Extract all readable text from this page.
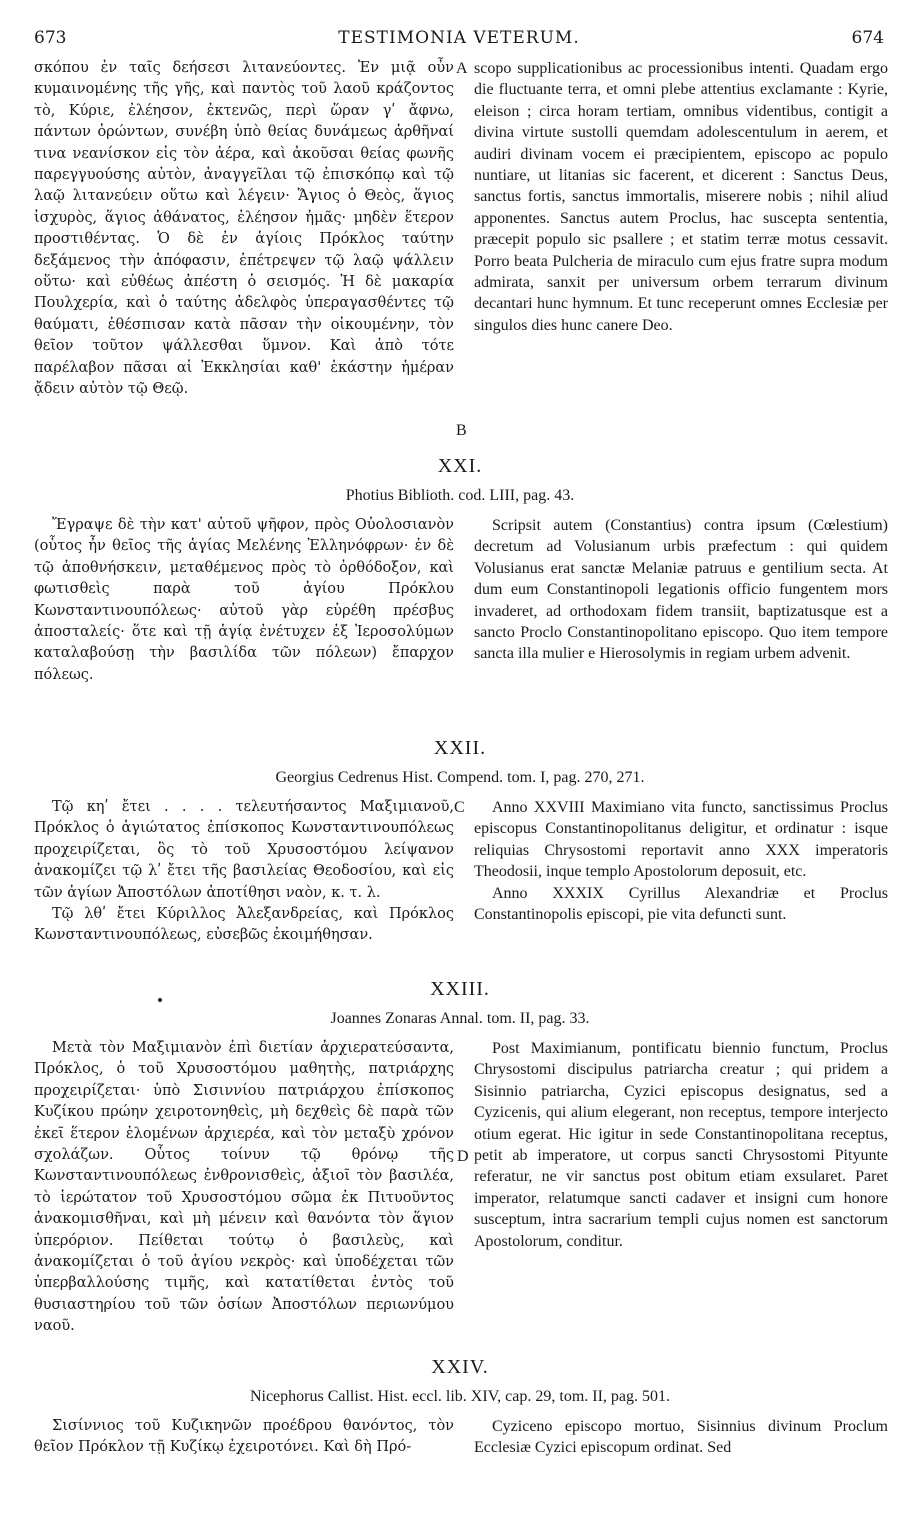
673	TESTIMONIA VETERUM.	674

σκόπου ἐν ταῖς δεήσεσι λιτανεύοντες. Ἐν μιᾷ οὖν κυμαινομένης τῆς γῆς, καὶ παντὸς τοῦ λαοῦ κράζοντος τὸ, Κύριε, ἐλέησον, ἐκτενῶς, περὶ ὥραν γʹ ἄφνω, πάντων ὁρώντων, συνέβη ὑπὸ θείας δυνάμεως ἀρθῆναί τινα νεανίσκον εἰς τὸν ἀέρα, καὶ ἀκοῦσαι θείας φωνῆς παρεγγυούσης αὐτὸν, ἀναγγεῖλαι τῷ ἐπισκόπῳ καὶ τῷ λαῷ λιτανεύειν οὕτω καὶ λέγειν· Ἅγιος ὁ Θεὸς, ἅγιος ἰσχυρὸς, ἅγιος ἀθάνατος, ἐλέησον ἡμᾶς· μηδὲν ἕτερον προστιθέντας. Ὁ δὲ ἐν ἁγίοις Πρόκλος ταύτην δεξάμενος τὴν ἀπόφασιν, ἐπέτρεψεν τῷ λαῷ ψάλλειν οὕτω· καὶ εὐθέως ἀπέστη ὁ σεισμός. Ἡ δὲ μακαρία Πουλχερία, καὶ ὁ ταύτης ἀδελφὸς ὑπεραγασθέντες τῷ θαύματι, ἐθέσπισαν κατὰ πᾶσαν τὴν οἰκουμένην, τὸν θεῖον τοῦτον ψάλλεσθαι ὕμνον. Καὶ ἀπὸ τότε παρέλαβον πᾶσαι αἱ Ἐκκλησίαι καθ' ἑκάστην ἡμέραν ᾄδειν αὐτὸν τῷ Θεῷ.

scopo supplicationibus ac processionibus intenti. Quadam ergo die fluctuante terra, et omni plebe attentius exclamante : Kyrie, eleison ; circa horam tertiam, omnibus videntibus, contigit a divina virtute sustolli quemdam adolescentulum in aerem, et audiri divinam vocem ei præcipientem, episcopo ac populo nuntiare, ut litanias sic facerent, et dicerent : Sanctus Deus, sanctus fortis, sanctus immortalis, miserere nobis ; nihil aliud apponentes. Sanctus autem Proclus, hac suscepta sententia, præcepit populo sic psallere ; et statim terræ motus cessavit. Porro beata Pulcheria de miraculo cum ejus fratre supra modum admirata, sanxit per universum orbem terrarum divinum decantari hunc hymnum. Et tunc receperunt omnes Ecclesiæ per singulos dies hunc canere Deo.

A
B
XXI.
Photius Biblioth. cod. LIII, pag. 43.

Ἔγραψε δὲ τὴν κατ' αὐτοῦ ψῆφον, πρὸς Οὐολοσιανὸν (οὗτος ἦν θεῖος τῆς ἁγίας Μελένης Ἑλληνόφρων· ἐν δὲ τῷ ἀποθνήσκειν, μεταθέμενος πρὸς τὸ ὀρθόδοξον, καὶ φωτισθεὶς παρὰ τοῦ ἁγίου Πρόκλου Κωνσταντινουπόλεως· αὐτοῦ γὰρ εὑρέθη πρέσβυς ἀποσταλείς· ὅτε καὶ τῇ ἁγίᾳ ἐνέτυχεν ἐξ Ἱεροσολύμων καταλαβούσῃ τὴν βασιλίδα τῶν πόλεων) ἔπαρχον πόλεως.

Scripsit autem (Constantius) contra ipsum (Cœlestium) decretum ad Volusianum urbis præfectum : qui quidem Volusianus erat sanctæ Melaniæ patruus e gentilium secta. At dum eum Constantinopoli legationis officio fungentem mors invaderet, ad orthodoxam fidem transiit, baptizatusque est a sancto Proclo Constantinopolitano episcopo. Quo item tempore sancta illa mulier e Hierosolymis in regiam urbem advenit.

XXII.
Georgius Cedrenus Hist. Compend. tom. I, pag. 270, 271.

Τῷ κηʹ ἔτει . . . . τελευτήσαντος Μαξιμιανοῦ, Πρόκλος ὁ ἁγιώτατος ἐπίσκοπος Κωνσταντινουπόλεως προχειρίζεται, ὃς τὸ τοῦ Χρυσοστόμου λείψανον ἀνακομίζει τῷ λʹ ἔτει τῆς βασιλείας Θεοδοσίου, καὶ εἰς τῶν ἁγίων Ἀποστόλων ἀποτίθησι ναὸν, κ. τ. λ.

Τῷ λθʹ ἔτει Κύριλλος Ἀλεξανδρείας, καὶ Πρόκλος Κωνσταντινουπόλεως, εὐσεβῶς ἐκοιμήθησαν.

Anno XXVIII Maximiano vita functo, sanctissimus Proclus episcopus Constantinopolitanus deligitur, et ordinatur : isque reliquias Chrysostomi reportavit anno XXX imperatoris Theodosii, inque templo Apostolorum deposuit, etc.

Anno XXXIX Cyrillus Alexandriæ et Proclus Constantinopolis episcopi, pie vita defuncti sunt.

C
XXIII.
Joannes Zonaras Annal. tom. II, pag. 33.

Μετὰ τὸν Μαξιμιανὸν ἐπὶ διετίαν ἀρχιερατεύσαντα, Πρόκλος, ὁ τοῦ Χρυσοστόμου μαθητὴς, πατριάρχης προχειρίζεται· ὑπὸ Σισιννίου πατριάρχου ἐπίσκοπος Κυζίκου πρώην χειροτονηθεὶς, μὴ δεχθεὶς δὲ παρὰ τῶν ἐκεῖ ἕτερον ἑλομένων ἀρχιερέα, καὶ τὸν μεταξὺ χρόνον σχολάζων. Οὗτος τοίνυν τῷ θρόνῳ τῆς Κωνσταντινουπόλεως ἐνθρονισθεὶς, ἀξιοῖ τὸν βασιλέα, τὸ ἱερώτατον τοῦ Χρυσοστόμου σῶμα ἐκ Πιτυοῦντος ἀνακομισθῆναι, καὶ μὴ μένειν καὶ θανόντα τὸν ἅγιον ὑπερόριον. Πείθεται τούτῳ ὁ βασιλεὺς, καὶ ἀνακομίζεται ὁ τοῦ ἁγίου νεκρὸς· καὶ ὑποδέχεται τῶν ὑπερβαλλούσης τιμῆς, καὶ κατατίθεται ἐντὸς τοῦ θυσιαστηρίου τοῦ τῶν ὁσίων Ἀποστόλων περιωνύμου ναοῦ.

Post Maximianum, pontificatu biennio functum, Proclus Chrysostomi discipulus patriarcha creatur ; qui pridem a Sisinnio patriarcha, Cyzici episcopus designatus, sed a Cyzicenis, qui alium elegerant, non receptus, tempore interjecto otium egerat. Hic igitur in sede Constantinopolitana receptus, petit ab imperatore, ut corpus sancti Chrysostomi Pityunte referatur, ne vir sanctus post obitum etiam exsularet. Paret imperator, relatumque sancti cadaver et insigni cum honore susceptum, intra sacrarium templi cujus nomen est sanctorum Apostolorum, conditur.

D
XXIV.
Nicephorus Callist. Hist. eccl. lib. XIV, cap. 29, tom. II, pag. 501.

Σισίννιος τοῦ Κυζικηνῶν προέδρου θανόντος, τὸν θεῖον Πρόκλον τῇ Κυζίκῳ ἐχειροτόνει. Καὶ δὴ Πρό-

Cyziceno episcopo mortuo, Sisinnius divinum Proclum Ecclesiæ Cyzici episcopum ordinat. Sed
